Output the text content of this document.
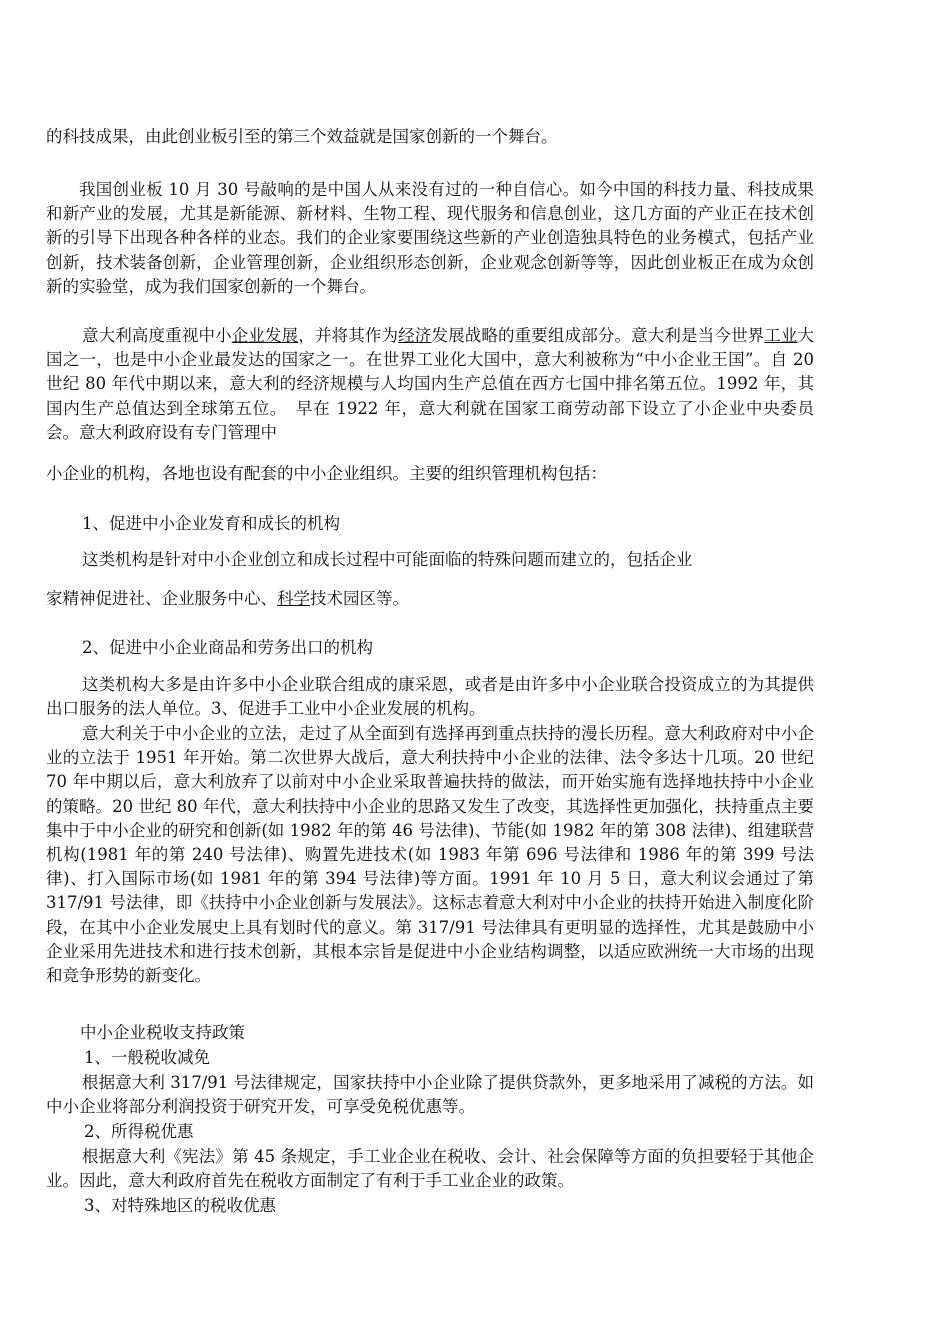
的科技成果，由此创业板引至的第三个效益就是国家创新的一个舞台。
我国创业板 10 月 30 号敲响的是中国人从来没有过的一种自信心。如今中国的科技力量、科技成果和新产业的发展，尤其是新能源、新材料、生物工程、现代服务和信息创业，这几方面的产业正在技术创新的引导下出现各种各样的业态。我们的企业家要围绕这些新的产业创造独具特色的业务模式，包括产业创新，技术装备创新，企业管理创新，企业组织形态创新，企业观念创新等等，因此创业板正在成为众创新的实验堂，成为我们国家创新的一个舞台。
意大利高度重视中小企业发展，并将其作为经济发展战略的重要组成部分。意大利是当今世界工业大国之一，也是中小企业最发达的国家之一。在世界工业化大国中，意大利被称为“中小企业王国”。自 20 世纪 80 年代中期以来，意大利的经济规模与人均国内生产总值在西方七国中排名第五位。1992 年，其国内生产总值达到全球第五位。　早在 1922 年，意大利就在国家工商劳动部下设立了小企业中央委员会。意大利政府设有专门管理中
小企业的机构，各地也设有配套的中小企业组织。主要的组织管理机构包括：
1、促进中小企业发育和成长的机构
这类机构是针对中小企业创立和成长过程中可能面临的特殊问题而建立的，包括企业
家精神促进社、企业服务中心、科学技术园区等。
2、促进中小企业商品和劳务出口的机构
这类机构大多是由许多中小企业联合组成的康采恩，或者是由许多中小企业联合投资成立的为其提供出口服务的法人单位。3、促进手工业中小企业发展的机构。
意大利关于中小企业的立法，走过了从全面到有选择再到重点扶持的漫长历程。意大利政府对中小企业的立法于 1951 年开始。第二次世界大战后，意大利扶持中小企业的法律、法令多达十几项。20 世纪 70 年中期以后，意大利放弃了以前对中小企业采取普遍扶持的做法，而开始实施有选择地扶持中小企业的策略。20 世纪 80 年代，意大利扶持中小企业的思路又发生了改变，其选择性更加强化，扶持重点主要集中于中小企业的研究和创新(如 1982 年的第 46 号法律)、节能(如 1982 年的第 308 法律)、组建联营机构(1981 年的第 240 号法律)、购置先进技术(如 1983 年第 696 号法律和 1986 年的第 399 号法律)、打入国际市场(如 1981 年的第 394 号法律)等方面。1991 年 10 月 5 日，意大利议会通过了第 317/91 号法律，即《扶持中小企业创新与发展法》。这标志着意大利对中小企业的扶持开始进入制度化阶段，在其中小企业发展史上具有划时代的意义。第 317/91 号法律具有更明显的选择性，尤其是鼓励中小企业采用先进技术和进行技术创新，其根本宗旨是促进中小企业结构调整，以适应欧洲统一大市场的出现和竞争形势的新变化。
中小企业税收支持政策
1、一般税收减免
根据意大利 317/91 号法律规定，国家扶持中小企业除了提供贷款外，更多地采用了减税的方法。如中小企业将部分利润投资于研究开发，可享受免税优惠等。
2、所得税优惠
根据意大利《宪法》第 45 条规定，手工业企业在税收、会计、社会保障等方面的负担要轻于其他企业。因此，意大利政府首先在税收方面制定了有利于手工业企业的政策。
3、对特殊地区的税收优惠
